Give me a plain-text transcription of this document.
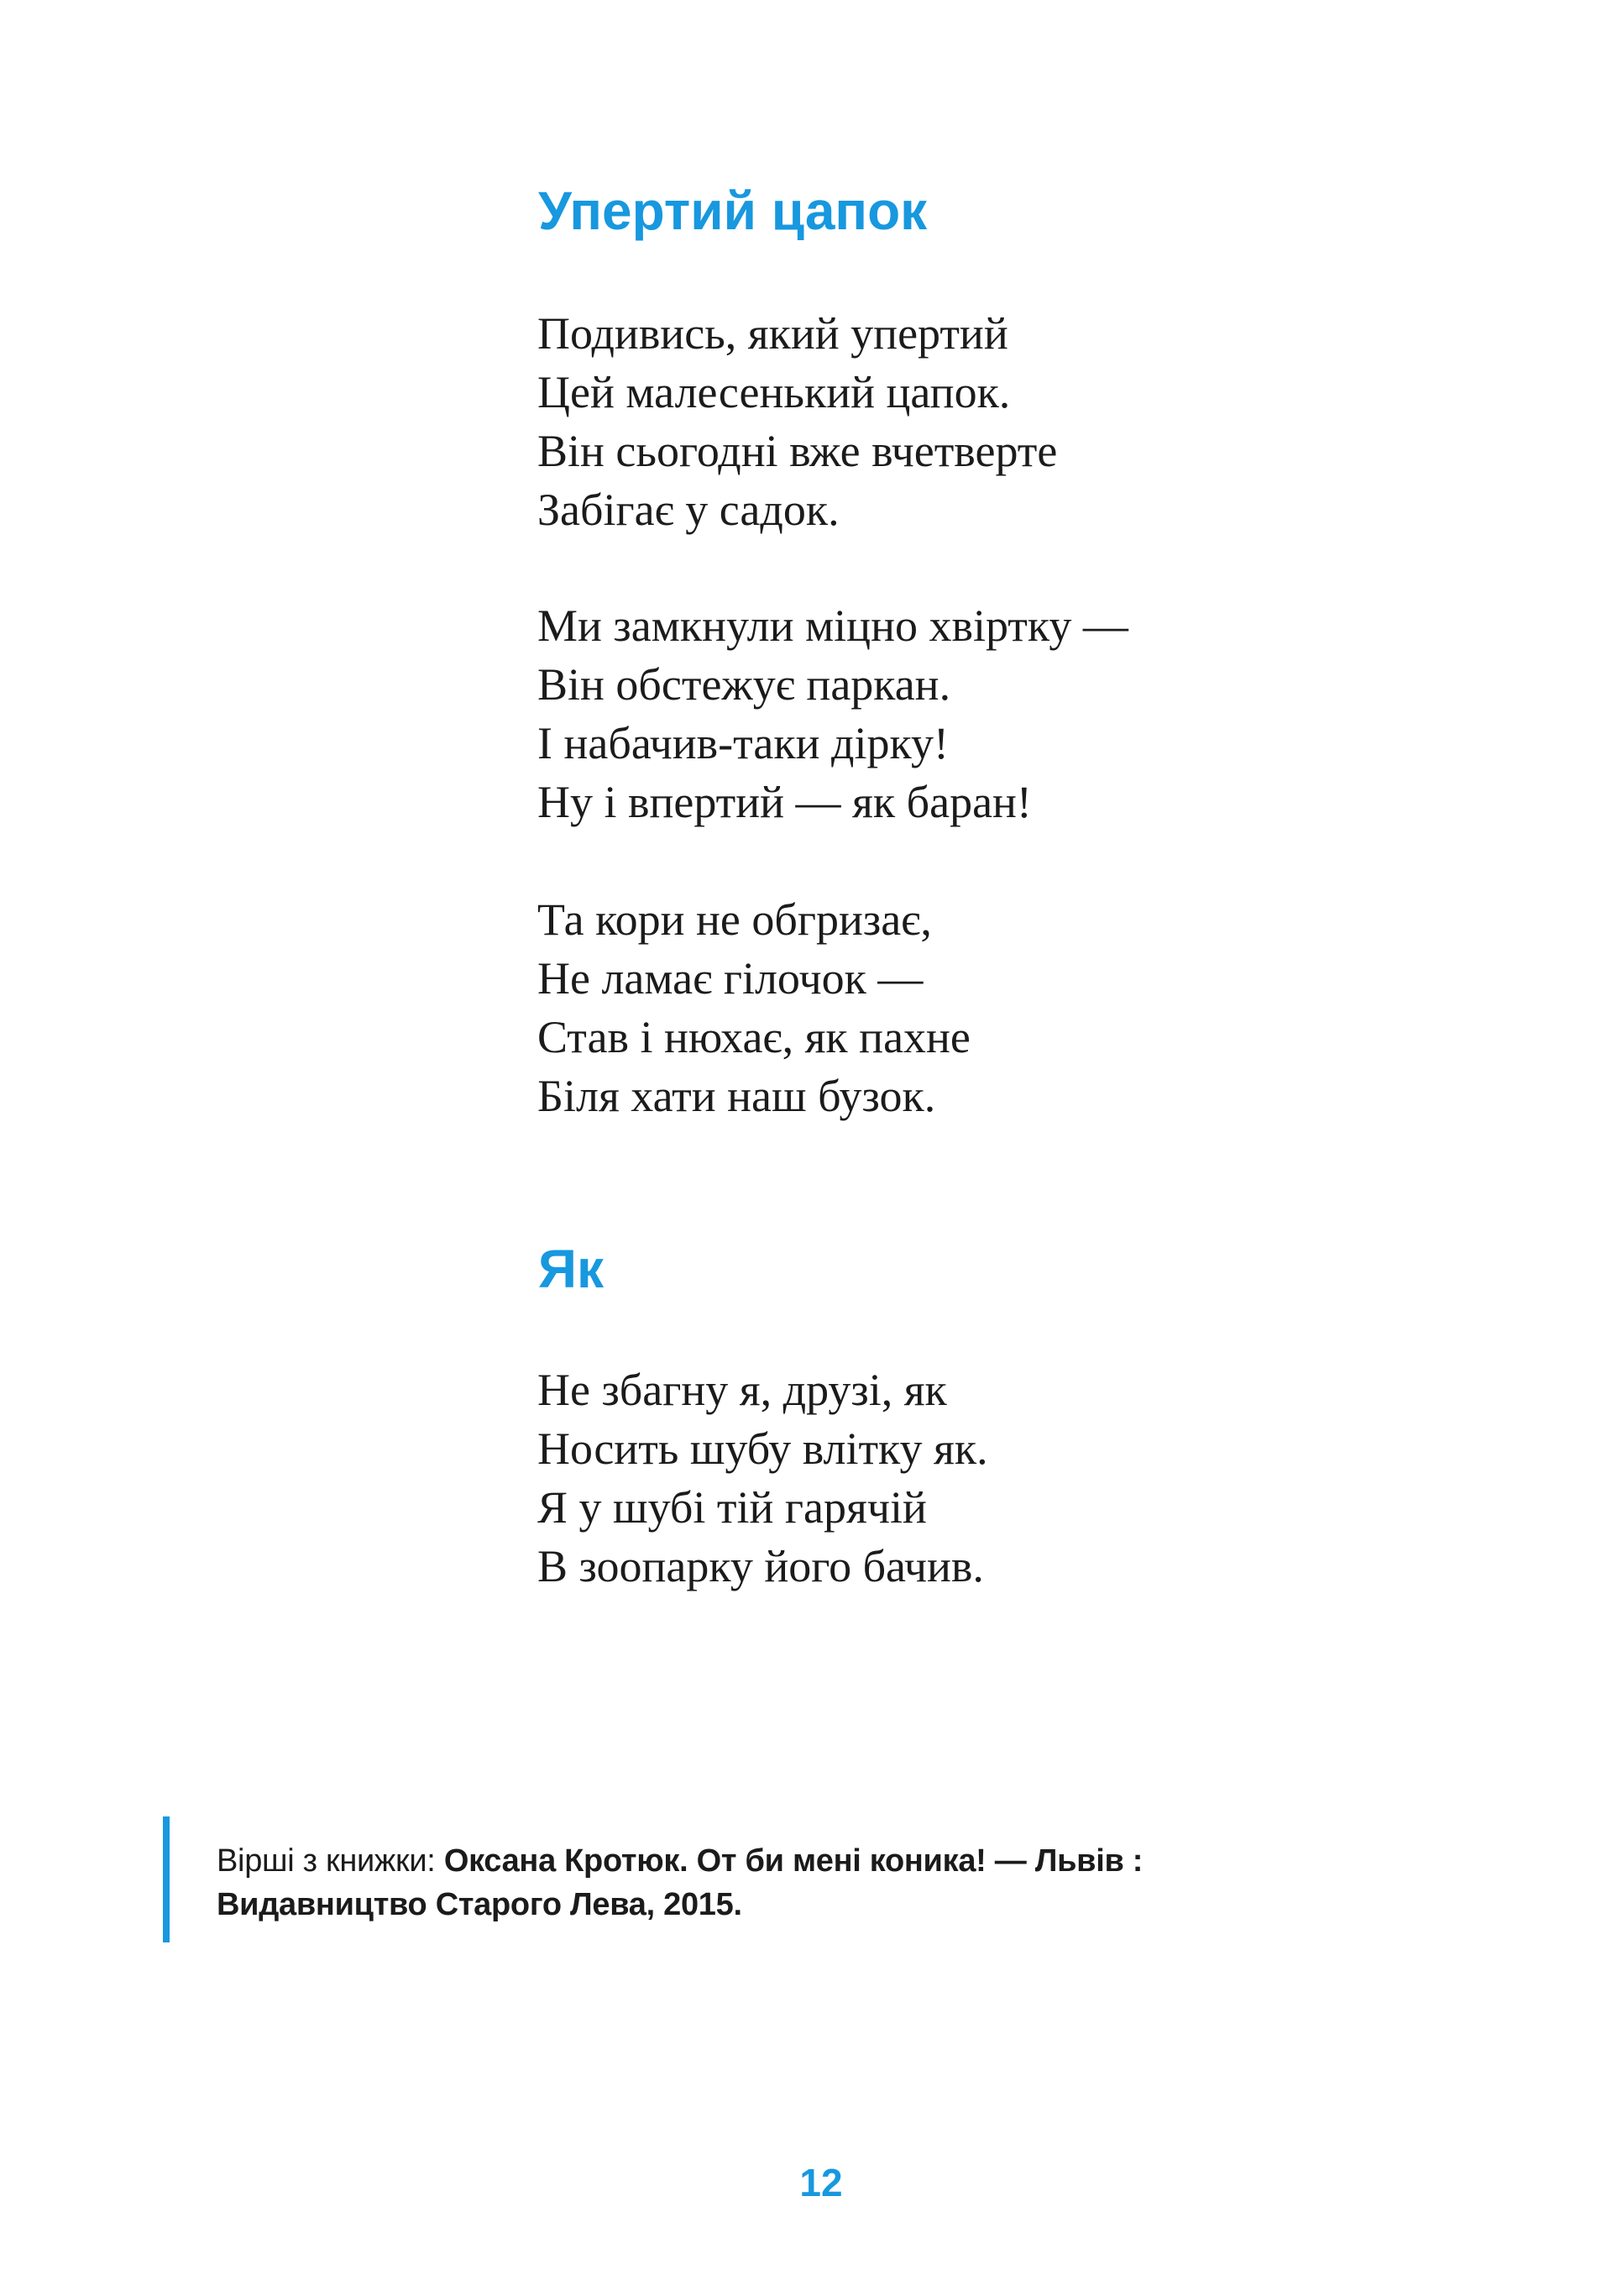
Упертий цапок
Подивись, який упертий
Цей малесенький цапок.
Він сьогодні вже вчетверте
Забігає у садок.
Ми замкнули міцно хвіртку —
Він обстежує паркан.
І набачив-таки дірку!
Ну і впертий — як баран!
Та кори не обгризає,
Не ламає гілочок —
Став і нюхає, як пахне
Біля хати наш бузок.
Як
Не збагну я, друзі, як
Носить шубу влітку як.
Я у шубі тій гарячій
В зоопарку його бачив.
Вірші з книжки: Оксана Кротюк. От би мені коника! — Львів :
Видавництво Старого Лева, 2015.
12
